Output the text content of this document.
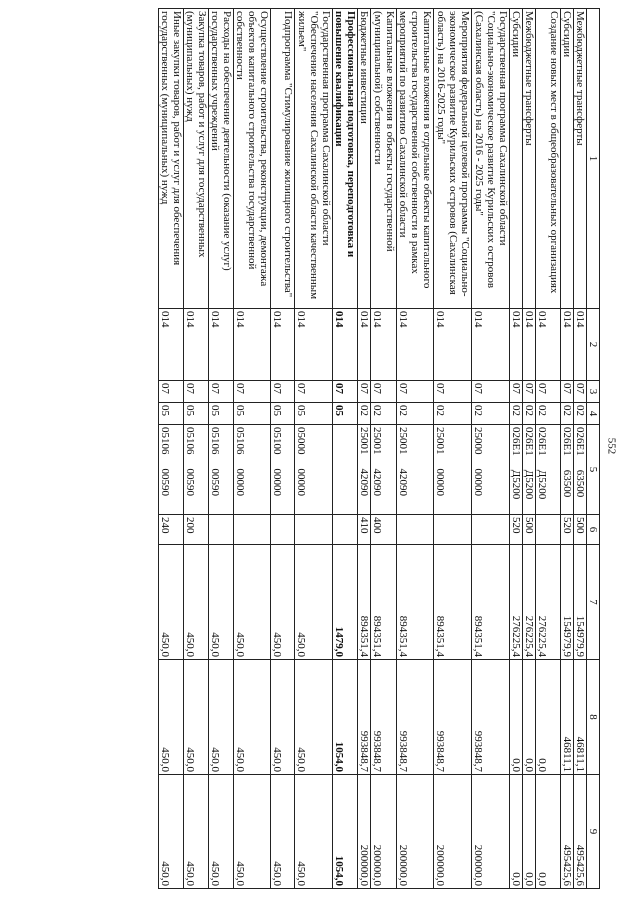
552
1	2	3	4	5	6	7	8	9
Межбюджетные трансферты	014	07	02	026E163500	500	154979,9	46811,1	495425,6
Субсидии	014	07	02	026E163500	520	154979,9	46811,1	495425,6
Создание новых мест в общеобразовательных организациях	014	07	02	026E1Д5200		276225,4	0,0	0,0
Межбюджетные трансферты	014	07	02	026E1Д5200	500	276225,4	0,0	0,0
Субсидии	014	07	02	026E1Д5200	520	276225,4	0,0	0,0
Государственная программа Сахалинской области "Социально-экономическое развитие Курильских островов (Сахалинская область) на 2016 - 2025 годы"	014	07	02	2500000000		894351,4	993848,7	200000,0
Мероприятия федеральной целевой программы "Социально-экономическое развитие Курильских островов (Сахалинская область) на 2016-2025 годы"	014	07	02	2500100000		894351,4	993848,7	200000,0
Капитальные вложения в отдельные объекты капитального строительства государственной собственности в рамках мероприятий по развитию Сахалинской области	014	07	02	2500142090		894351,4	993848,7	200000,0
Капитальные вложения в объекты государственной (муниципальной) собственности	014	07	02	2500142090	400	894351,4	993848,7	200000,0
Бюджетные инвестиции	014	07	02	2500142090	410	894351,4	993848,7	200000,0
Профессиональная подготовка, переподготовка и повышение квалификации	014	07	05			1479,0	1054,0	1054,0
Государственная программа Сахалинской области "Обеспечение населения Сахалинской области качественным жильем"	014	07	05	0500000000		450,0	450,0	450,0
Подпрограмма "Стимулирование жилищного строительства"	014	07	05	0510000000		450,0	450,0	450,0
Осуществление строительства, реконструкции, демонтажа объектов капитального строительства государственной собственности	014	07	05	0510600000		450,0	450,0	450,0
Расходы на обеспечение деятельности (оказание услуг) государственных учреждений	014	07	05	0510600590		450,0	450,0	450,0
Закупка товаров, работ и услуг для государственных (муниципальных) нужд	014	07	05	0510600590	200	450,0	450,0	450,0
Иные закупки товаров, работ и услуг для обеспечения государственных (муниципальных) нужд	014	07	05	0510600590	240	450,0	450,0	450,0
